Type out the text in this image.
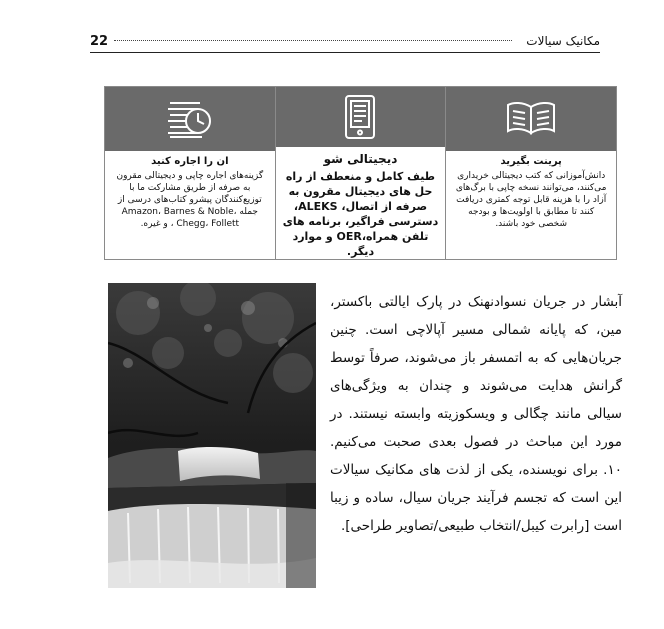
22	مکانیک سیالات

پرینت بگیرید

دانش‌آموزانی که کتب دیجیتالی خریداری می‌کنند، می‌توانند نسخه چاپی با برگ‌های آزاد را با هزینه قابل توجه کمتری دریافت کنند تا مطابق با اولویت‌ها و بودجه شخصی خود باشند.

دیجیتالی شو

طیف کامل و منعطف از راه حل های دیجیتال مقرون به صرفه از اتصال، ALEKS، دسترسی فراگیر، برنامه های تلفن همراه،OER و موارد دیگر.

ان را اجاره کنید

گزینه‌های اجاره چاپی و دیجیتالی مقرون به صرفه از طریق مشارکت ما با توزیع‌کنندگان پیشرو کتاب‌های درسی از جمله Amazon، Barnes & Noble، Chegg، Follett ، و غیره.

آبشار در جریان نسوادنهنک در پارک ایالتی باکستر، مین، که پایانه شمالی مسیر آپالاچی است. چنین جریان‌هایی که به اتمسفر باز می‌شوند، صرفاً توسط گرانش هدایت می‌شوند و چندان به ویژگی‌های سیالی مانند چگالی و ویسکوزیته وابسته نیستند. در مورد این مباحث در فصول بعدی صحبت می‌کنیم. ۱۰. برای نویسنده، یکی از لذت های مکانیک سیالات این است که تجسم فرآیند جریان سیال، ساده و زیبا است [رابرت کیبل/انتخاب طبیعی/تصاویر طراحی].
